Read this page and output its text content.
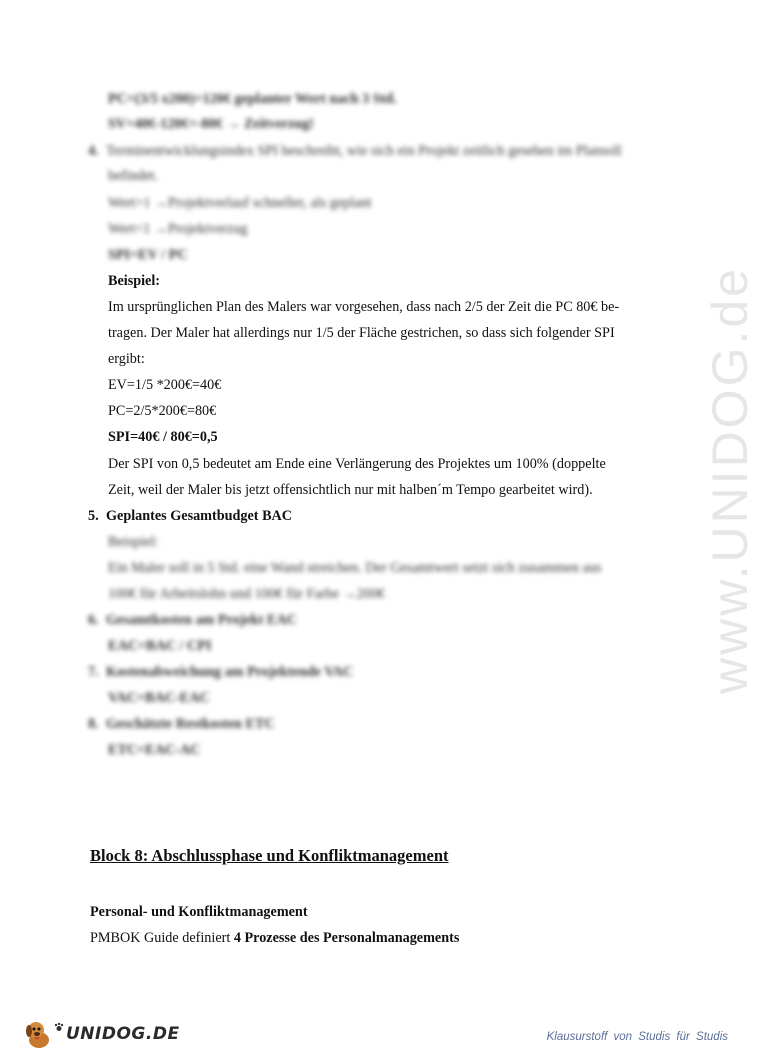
www.UNIDOG.de
PC=(3/5 x200)=120€ geplanter Wert nach 3 Std.
SV=40€-120€=-80€ → Zeitverzug!
4. Terminentwicklungsindex SPI beschreibt, wie sich ein Projekt zeitlich gesehen im Plansoll
befindet.
Wert>1 →Projektverlauf schneller, als geplant
Wert<1 →Projektverzug
SPI=EV / PC
Beispiel:
Im ursprünglichen Plan des Malers war vorgesehen, dass nach 2/5 der Zeit die PC 80€ be-
tragen. Der Maler hat allerdings nur 1/5 der Fläche gestrichen, so dass sich folgender SPI
ergibt:
EV=1/5 *200€=40€
PC=2/5*200€=80€
SPI=40€ / 80€=0,5
Der SPI von 0,5 bedeutet am Ende eine Verlängerung des Projektes um 100% (doppelte
Zeit, weil der Maler bis jetzt offensichtlich nur mit halben´m Tempo gearbeitet wird).
5. Geplantes Gesamtbudget BAC
Beispiel:
Ein Maler soll in 5 Std. eine Wand streichen. Der Gesamtwert setzt sich zusammen aus
100€ für Arbeitslohn und 100€ für Farbe →200€
6. Gesamtkosten am Projekt EAC
EAC=BAC / CPI
7. Kostenabweichung am Projektende VAC
VAC=BAC-EAC
8. Geschätzte Restkosten ETC
ETC=EAC-AC
Block 8: Abschlussphase und Konfliktmanagement
Personal- und Konfliktmanagement
PMBOK Guide definiert 4 Prozesse des Personalmanagements
UNIDOG.DE	Klausurstoff von Studis für Studis
